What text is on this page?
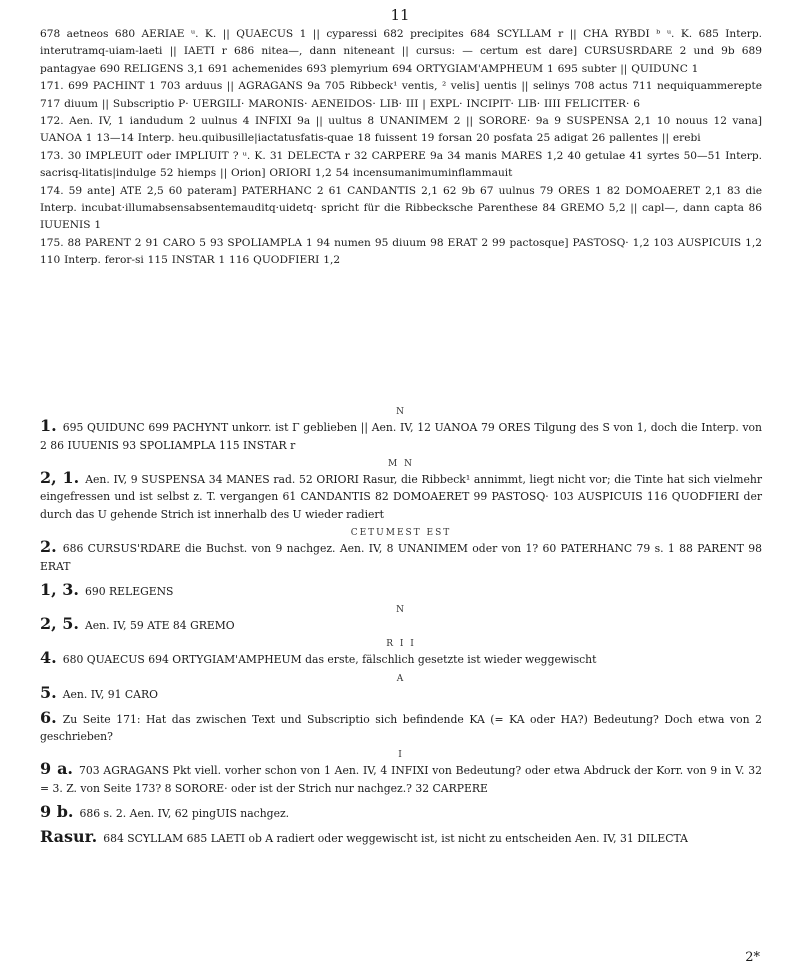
11

678 aetneos 680 AERIAE ᵘ. K. || QUAECUS 1 || cyparessi 682 precipites 684 SCYLLAM r || CHA RYBDI ᵇ ᵘ. K. 685 Interp. interutramq-uiam-laeti || IAETI r 686 nitea—, dann niteneant || cursus: — certum est dare] CURSUSRDARE 2 und 9b 689 pantagyae 690 RELIGENS 3,1 691 achemenides 693 plemyrium 694 ORTYGIAM'AMPHEUM 1 695 subter || QUIDUNC 1

171. 699 PACHINT 1 703 arduus || AGRAGANS 9a 705 Ribbeck¹ ventis, ² velis] uentis || selinys 708 actus 711 nequiquammerepte 717 diuum || Subscriptio P· UERGILI· MARONIS· AENEIDOS· LIB· III | EXPL· INCIPIT· LIB· IIII FELICITER· 6

172. Aen. IV, 1 iandudum 2 uulnus 4 INFIXI 9a || uultus 8 UNANIMEM 2 || SORORE· 9a 9 SUSPENSA 2,1 10 nouus 12 vana] UANOA 1 13—14 Interp. heu.quibusille|iactatusfatis-quae 18 fuissent 19 forsan 20 posfata 25 adigat 26 pallentes || erebi

173. 30 IMPLEUIT oder IMPLIUIT ? ᵘ. K. 31 DELECTA r 32 CARPERE 9a 34 manis MARES 1,2 40 getulae 41 syrtes 50—51 Interp. sacrisq-litatis|indulge 52 hiemps || Orion] ORIORI 1,2 54 incensumanimuminflammauit

174. 59 ante] ATE 2,5 60 pateram] PATERHANC 2 61 CANDANTIS 2,1 62 9b 67 uulnus 79 ORES 1 82 DOMOAERET 2,1 83 die Interp. incubat·illumabsensabsentemauditq·uidetq· spricht für die Ribbecksche Parenthese 84 GREMO 5,2 || capl—, dann capta 86 IUUENIS 1

175. 88 PARENT 2 91 CARO 5 93 SPOLIAMPLA 1 94 numen 95 diuum 98 ERAT 2 99 pactosque] PASTOSQ· 1,2 103 AUSPICUIS 1,2 110 Interp. feror-si 115 INSTAR 1 116 QUODFIERI 1,2

N
1. 695 QUIDUNC 699 PACHYNT unkorr. ist Γ geblieben || Aen. IV, 12 UANOA 79 ORES Tilgung des S von 1, doch die Interp. von 2 86 IUUENIS 93 SPOLIAMPLA 115 INSTAR r
M N
2, 1. Aen. IV, 9 SUSPENSA 34 MANES rad. 52 ORIORI Rasur, die Ribbeck¹ annimmt, liegt nicht vor; die Tinte hat sich vielmehr eingefressen und ist selbst z. T. vergangen 61 CANDANTIS 82 DOMOAERET 99 PASTOSQ· 103 AUSPICUIS 116 QUODFIERI der durch das U gehende Strich ist innerhalb des U wieder radiert
CETUMEST EST
2. 686 CURSUS'RDARE die Buchst. von 9 nachgez. Aen. IV, 8 UNANIMEM oder von 1? 60 PATERHANC 79 s. 1 88 PARENT 98 ERAT
1, 3. 690 RELEGENS
N
2, 5. Aen. IV, 59 ATE 84 GREMO
R I I
4. 680 QUAECUS 694 ORTYGIAM'AMPHEUM das erste, fälschlich gesetzte ist wieder weggewischt
A
5. Aen. IV, 91 CARO
6. Zu Seite 171: Hat das zwischen Text und Subscriptio sich befindende KA (= KA oder HA?) Bedeutung? Doch etwa von 2 geschrieben?
I
9 a. 703 AGRAGANS Pkt viell. vorher schon von 1 Aen. IV, 4 INFIXI von Bedeutung? oder etwa Abdruck der Korr. von 9 in V. 32 = 3. Z. von Seite 173? 8 SORORE· oder ist der Strich nur nachgez.? 32 CARPERE
9 b. 686 s. 2. Aen. IV, 62 pingUIS nachgez.
Rasur. 684 SCYLLAM 685 LAETI ob A radiert oder weggewischt ist, ist nicht zu entscheiden Aen. IV, 31 DILECTA
2*
